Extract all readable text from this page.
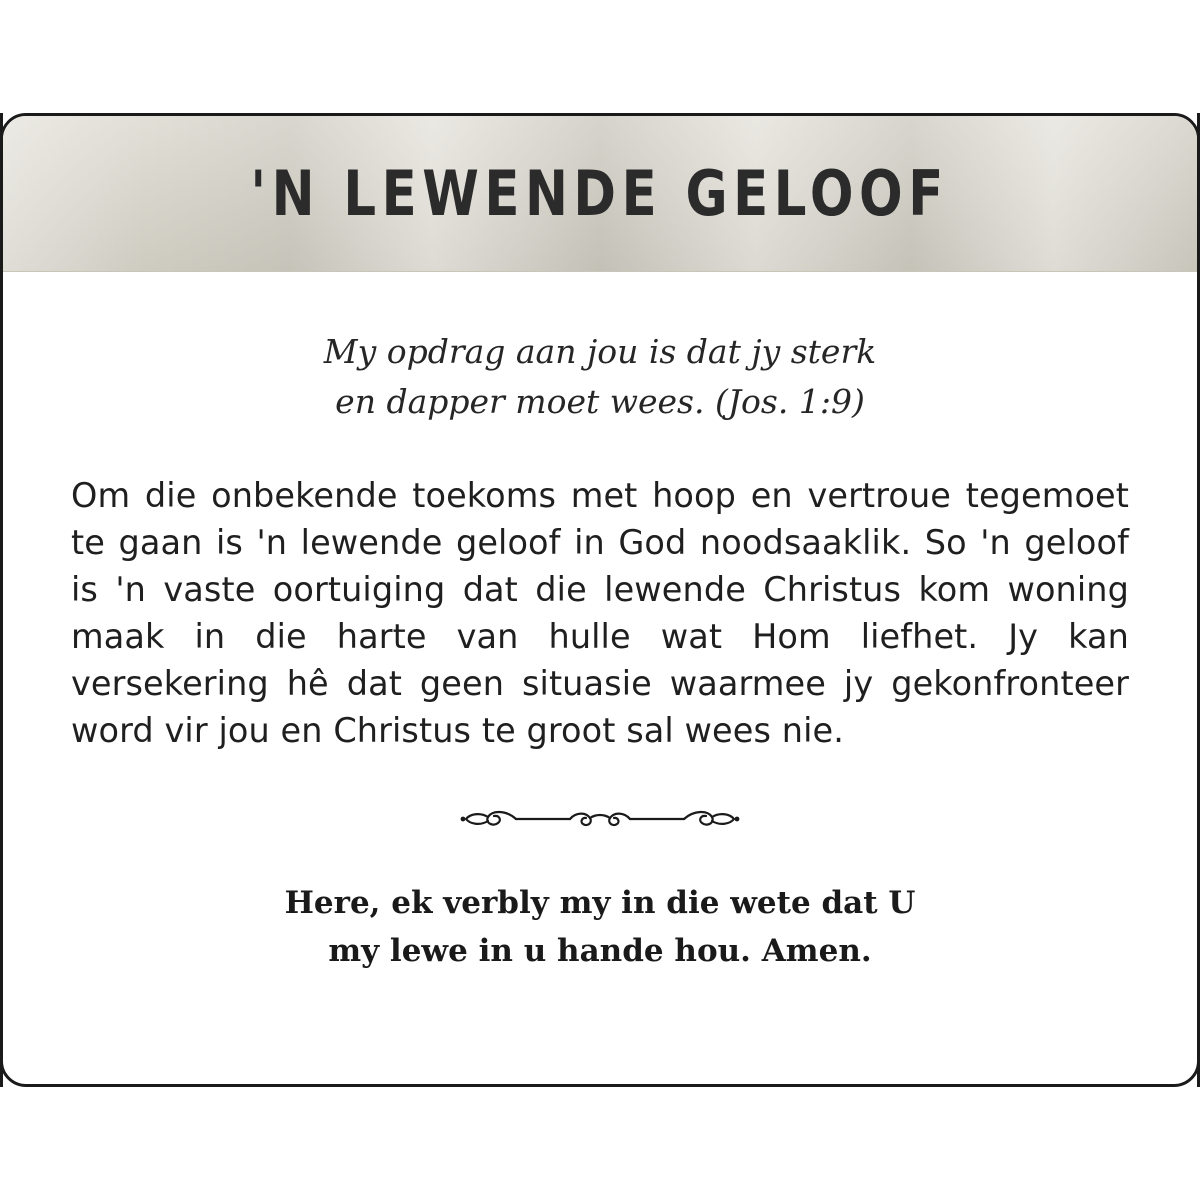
'N LEWENDE GELOOF
My opdrag aan jou is dat jy sterk
en dapper moet wees. (Jos. 1:9)

Om die onbekende toekoms met hoop en vertroue tegemoet te gaan is 'n lewende geloof in God noodsaaklik. So 'n geloof is 'n vaste oortuiging dat die lewende Christus kom woning maak in die harte van hulle wat Hom liefhet. Jy kan versekering hê dat geen situasie waarmee jy gekonfronteer word vir jou en Christus te groot sal wees nie.

Here, ek verbly my in die wete dat U
my lewe in u hande hou. Amen.
